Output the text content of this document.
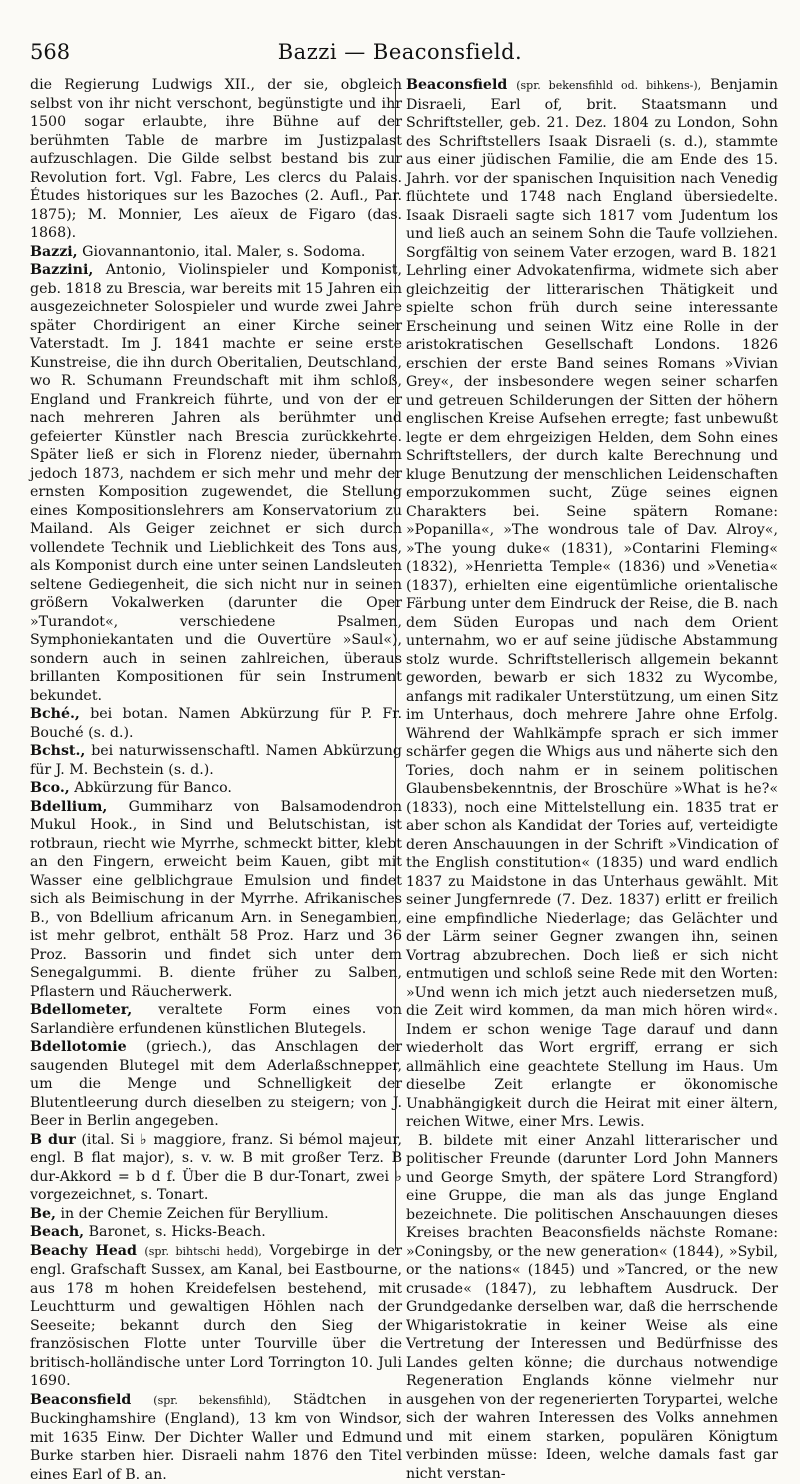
568	Bazzi — Beaconsfield.

die Regierung Ludwigs XII., der sie, obgleich selbst von ihr nicht verschont, begünstigte und ihr 1500 sogar erlaubte, ihre Bühne auf der berühmten Table de marbre im Justizpalast aufzuschlagen. Die Gilde selbst bestand bis zur Revolution fort. Vgl. Fabre, Les clercs du Palais. Études historiques sur les Bazoches (2. Aufl., Par. 1875); M. Monnier, Les aïeux de Figaro (das. 1868).

Bazzi, Giovannantonio, ital. Maler, s. Sodoma.

Bazzini, Antonio, Violinspieler und Komponist, geb. 1818 zu Brescia, war bereits mit 15 Jahren ein ausgezeichneter Solospieler und wurde zwei Jahre später Chordirigent an einer Kirche seiner Vaterstadt. Im J. 1841 machte er seine erste Kunstreise, die ihn durch Oberitalien, Deutschland, wo R. Schumann Freundschaft mit ihm schloß, England und Frankreich führte, und von der er nach mehreren Jahren als berühmter und gefeierter Künstler nach Brescia zurückkehrte. Später ließ er sich in Florenz nieder, übernahm jedoch 1873, nachdem er sich mehr und mehr der ernsten Komposition zugewendet, die Stellung eines Kompositionslehrers am Konservatorium zu Mailand. Als Geiger zeichnet er sich durch vollendete Technik und Lieblichkeit des Tons aus, als Komponist durch eine unter seinen Landsleuten seltene Gediegenheit, die sich nicht nur in seinen größern Vokalwerken (darunter die Oper »Turandot«, verschiedene Psalmen, Symphoniekantaten und die Ouvertüre »Saul«), sondern auch in seinen zahlreichen, überaus brillanten Kompositionen für sein Instrument bekundet.

Bché., bei botan. Namen Abkürzung für P. Fr. Bouché (s. d.).

Bchst., bei naturwissenschaftl. Namen Abkürzung für J. M. Bechstein (s. d.).

Bco., Abkürzung für Banco.

Bdellium, Gummiharz von Balsamodendron Mukul Hook., in Sind und Belutschistan, ist rotbraun, riecht wie Myrrhe, schmeckt bitter, klebt an den Fingern, erweicht beim Kauen, gibt mit Wasser eine gelblichgraue Emulsion und findet sich als Beimischung in der Myrrhe. Afrikanisches B., von Bdellium africanum Arn. in Senegambien, ist mehr gelbrot, enthält 58 Proz. Harz und 36 Proz. Bassorin und findet sich unter dem Senegalgummi. B. diente früher zu Salben, Pflastern und Räucherwerk.

Bdellometer, veraltete Form eines von Sarlandière erfundenen künstlichen Blutegels.

Bdellotomie (griech.), das Anschlagen der saugenden Blutegel mit dem Aderlaßschnepper, um die Menge und Schnelligkeit der Blutentleerung durch dieselben zu steigern; von J. Beer in Berlin angegeben.

B dur (ital. Si ♭ maggiore, franz. Si bémol majeur, engl. B flat major), s. v. w. B mit großer Terz. B dur-Akkord = b d f. Über die B dur-Tonart, zwei ♭ vorgezeichnet, s. Tonart.

Be, in der Chemie Zeichen für Beryllium.

Beach, Baronet, s. Hicks-Beach.

Beachy Head (spr. bihtschi hedd), Vorgebirge in der engl. Grafschaft Sussex, am Kanal, bei Eastbourne, aus 178 m hohen Kreidefelsen bestehend, mit Leuchtturm und gewaltigen Höhlen nach der Seeseite; bekannt durch den Sieg der französischen Flotte unter Tourville über die britisch-holländische unter Lord Torrington 10. Juli 1690.

Beaconsfield (spr. bekensfihld), Städtchen in Buckinghamshire (England), 13 km von Windsor, mit 1635 Einw. Der Dichter Waller und Edmund Burke starben hier. Disraeli nahm 1876 den Titel eines Earl of B. an.

Beaconsfield (spr. bekensfihld od. bihkens-), Benjamin Disraeli, Earl of, brit. Staatsmann und Schriftsteller, geb. 21. Dez. 1804 zu London, Sohn des Schriftstellers Isaak Disraeli (s. d.), stammte aus einer jüdischen Familie, die am Ende des 15. Jahrh. vor der spanischen Inquisition nach Venedig flüchtete und 1748 nach England übersiedelte. Isaak Disraeli sagte sich 1817 vom Judentum los und ließ auch an seinem Sohn die Taufe vollziehen. Sorgfältig von seinem Vater erzogen, ward B. 1821 Lehrling einer Advokatenfirma, widmete sich aber gleichzeitig der litterarischen Thätigkeit und spielte schon früh durch seine interessante Erscheinung und seinen Witz eine Rolle in der aristokratischen Gesellschaft Londons. 1826 erschien der erste Band seines Romans »Vivian Grey«, der insbesondere wegen seiner scharfen und getreuen Schilderungen der Sitten der höhern englischen Kreise Aufsehen erregte; fast unbewußt legte er dem ehrgeizigen Helden, dem Sohn eines Schriftstellers, der durch kalte Berechnung und kluge Benutzung der menschlichen Leidenschaften emporzukommen sucht, Züge seines eignen Charakters bei. Seine spätern Romane: »Popanilla«, »The wondrous tale of Dav. Alroy«, »The young duke« (1831), »Contarini Fleming« (1832), »Henrietta Temple« (1836) und »Venetia« (1837), erhielten eine eigentümliche orientalische Färbung unter dem Eindruck der Reise, die B. nach dem Süden Europas und nach dem Orient unternahm, wo er auf seine jüdische Abstammung stolz wurde. Schriftstellerisch allgemein bekannt geworden, bewarb er sich 1832 zu Wycombe, anfangs mit radikaler Unterstützung, um einen Sitz im Unterhaus, doch mehrere Jahre ohne Erfolg. Während der Wahlkämpfe sprach er sich immer schärfer gegen die Whigs aus und näherte sich den Tories, doch nahm er in seinem politischen Glaubensbekenntnis, der Broschüre »What is he?« (1833), noch eine Mittelstellung ein. 1835 trat er aber schon als Kandidat der Tories auf, verteidigte deren Anschauungen in der Schrift »Vindication of the English constitution« (1835) und ward endlich 1837 zu Maidstone in das Unterhaus gewählt. Mit seiner Jungfernrede (7. Dez. 1837) erlitt er freilich eine empfindliche Niederlage; das Gelächter und der Lärm seiner Gegner zwangen ihn, seinen Vortrag abzubrechen. Doch ließ er sich nicht entmutigen und schloß seine Rede mit den Worten: »Und wenn ich mich jetzt auch niedersetzen muß, die Zeit wird kommen, da man mich hören wird«. Indem er schon wenige Tage darauf und dann wiederholt das Wort ergriff, errang er sich allmählich eine geachtete Stellung im Haus. Um dieselbe Zeit erlangte er ökonomische Unabhängigkeit durch die Heirat mit einer ältern, reichen Witwe, einer Mrs. Lewis.

B. bildete mit einer Anzahl litterarischer und politischer Freunde (darunter Lord John Manners und George Smyth, der spätere Lord Strangford) eine Gruppe, die man als das junge England bezeichnete. Die politischen Anschauungen dieses Kreises brachten Beaconsfields nächste Romane: »Coningsby, or the new generation« (1844), »Sybil, or the nations« (1845) und »Tancred, or the new crusade« (1847), zu lebhaftem Ausdruck. Der Grundgedanke derselben war, daß die herrschende Whigaristokratie in keiner Weise als eine Vertretung der Interessen und Bedürfnisse des Landes gelten könne; die durchaus notwendige Regeneration Englands könne vielmehr nur ausgehen von der regenerierten Torypartei, welche sich der wahren Interessen des Volks annehmen und mit einem starken, populären Königtum verbinden müsse: Ideen, welche damals fast gar nicht verstan-
